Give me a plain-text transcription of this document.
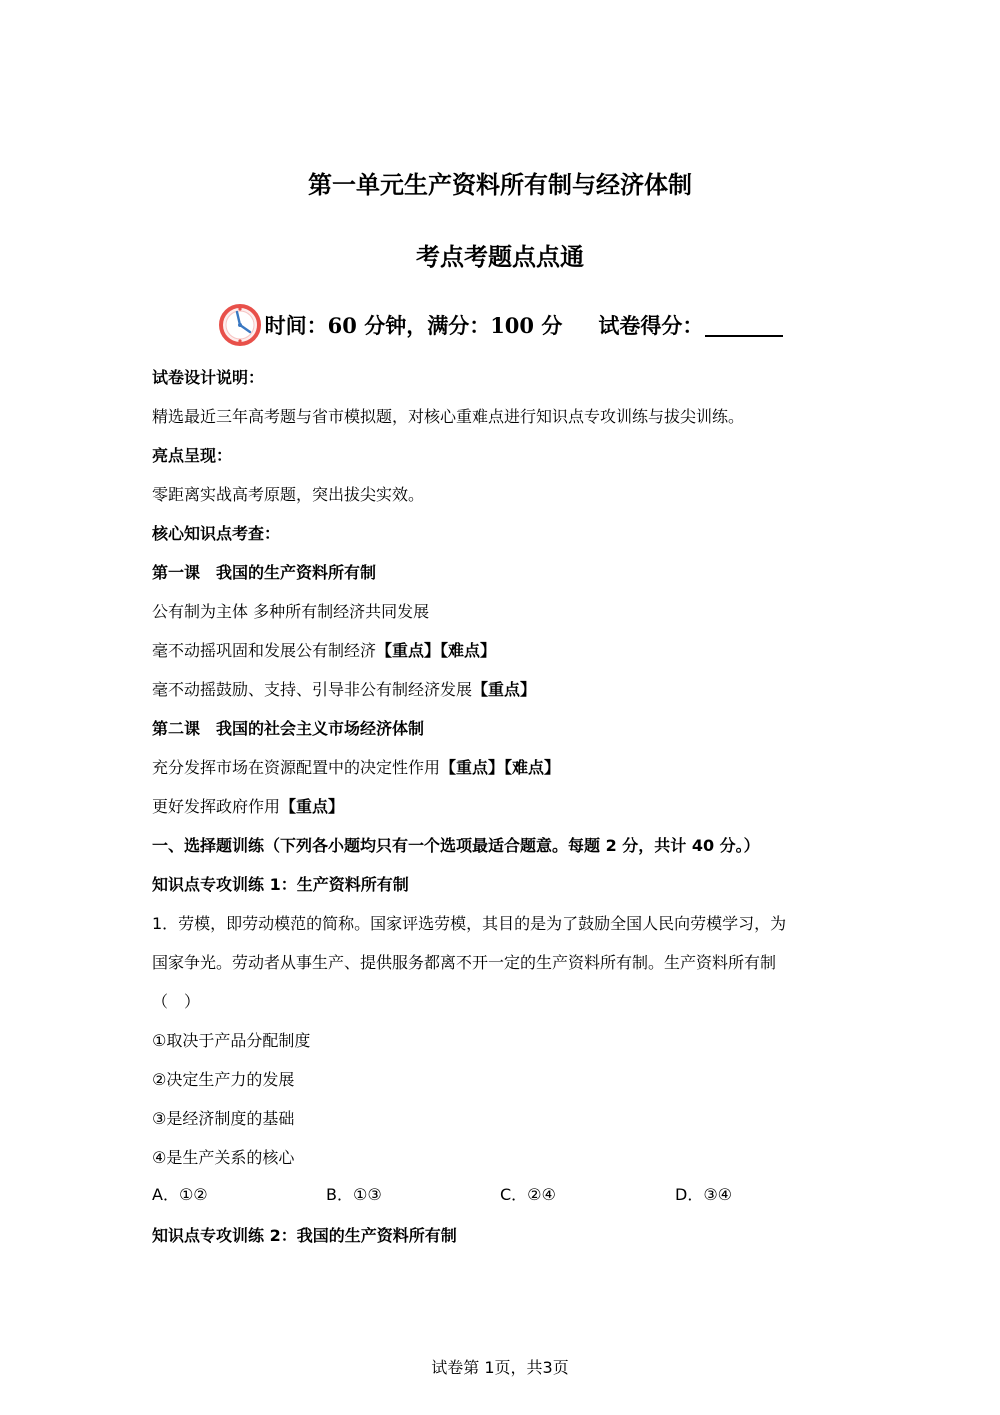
第一单元生产资料所有制与经济体制
考点考题点点通
时间：60 分钟，满分：100 分 试卷得分：
试卷设计说明：
精选最近三年高考题与省市模拟题，对核心重难点进行知识点专攻训练与拔尖训练。
亮点呈现：
零距离实战高考原题，突出拔尖实效。
核心知识点考查：
第一课　我国的生产资料所有制
公有制为主体 多种所有制经济共同发展
毫不动摇巩固和发展公有制经济【重点】【难点】
毫不动摇鼓励、支持、引导非公有制经济发展【重点】
第二课　我国的社会主义市场经济体制
充分发挥市场在资源配置中的决定性作用【重点】【难点】
更好发挥政府作用【重点】
一、选择题训练（下列各小题均只有一个选项最适合题意。每题 2 分，共计 40 分。）
知识点专攻训练 1：生产资料所有制
1．劳模，即劳动模范的简称。国家评选劳模，其目的是为了鼓励全国人民向劳模学习，为
国家争光。劳动者从事生产、提供服务都离不开一定的生产资料所有制。生产资料所有制
（　）
①取决于产品分配制度
②决定生产力的发展
③是经济制度的基础
④是生产关系的核心
A．①②	B．①③	C．②④	D．③④
知识点专攻训练 2：我国的生产资料所有制
试卷第 1页，共3页
